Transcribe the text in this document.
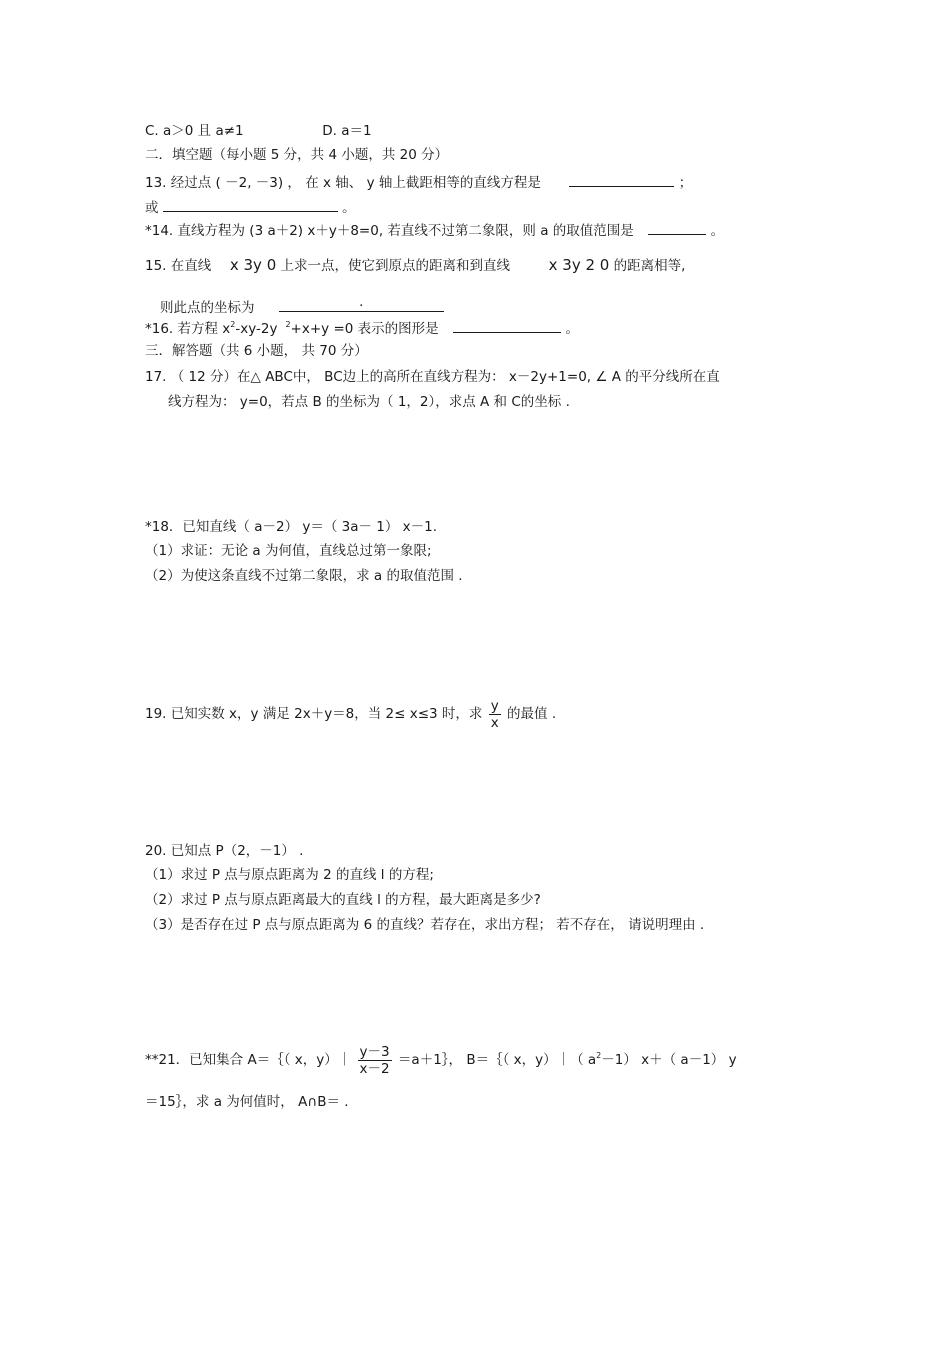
C. a＞0 且 a≠1	D. a＝1
二．填空题（每小题 5 分，共 4 小题，共 20 分）
13. 经过点 ( －2, －3) ， 在 x 轴、 y 轴上截距相等的直线方程是	；
或	。
*14. 直线方程为 (3 a＋2) x＋y＋8=0, 若直线不过第二象限，则 a 的取值范围是	。
15. 在直线 x 3y 0 上求一点，使它到原点的距离和到直线	x 3y 2 0 的距离相等,
则此点的坐标为	.
*16. 若方程 $x^2-xy-2y$ $^2$+x+y =0 表示的图形是	。
三．解答题（共 6 小题， 共 70 分）
17. （ 12 分）在△ ABC中， BC边上的高所在直线方程为： x－2y+1=0, ∠ A 的平分线所在直
线方程为： y=0，若点 B 的坐标为（ 1，2），求点 A 和 C的坐标 .
*18．已知直线（ a－2） y＝（ 3a－ 1） x－1.
（1）求证：无论 a 为何值，直线总过第一象限;
（2）为使这条直线不过第二象限，求 a 的取值范围 .
19. 已知实数 x，y 满足 2x＋y＝8，当 2≤ x≤3 时，求 $\frac{y}{x}$ 的最值 .
20. 已知点 P（2，－1） .
（1）求过 P 点与原点距离为 2 的直线 l 的方程;
（2）求过 P 点与原点距离最大的直线 l 的方程，最大距离是多少?
（3）是否存在过 P 点与原点距离为 6 的直线？若存在，求出方程； 若不存在， 请说明理由 .
**21．已知集合 A＝｛（ x，y）｜ $\frac{y-3}{x-2}$ ＝a＋1｝， B＝｛（ x，y）｜（ $a^2-1$） x＋（ a－1） y
＝15｝，求 a 为何值时， A∩B＝ .
